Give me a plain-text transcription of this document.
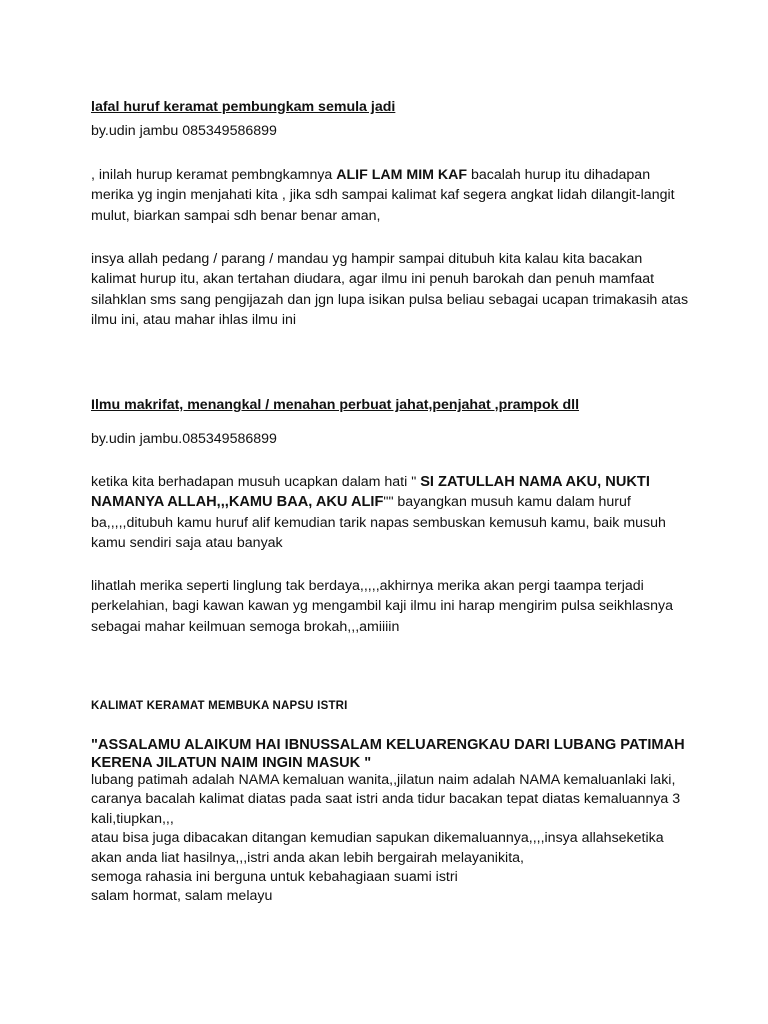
lafal huruf keramat pembungkam semula jadi
by.udin jambu 085349586899

, inilah hurup keramat pembngkamnya ALIF LAM MIM KAF bacalah hurup itu dihadapan merika yg ingin menjahati kita , jika sdh sampai kalimat kaf segera angkat lidah dilangit-langit mulut, biarkan sampai sdh benar benar aman,

insya allah pedang / parang / mandau yg hampir sampai ditubuh kita kalau kita bacakan kalimat hurup itu, akan tertahan diudara, agar ilmu ini penuh barokah dan penuh mamfaat silahklan sms sang pengijazah dan jgn lupa isikan pulsa beliau sebagai ucapan trimakasih atas ilmu ini, atau mahar ihlas ilmu ini

Ilmu makrifat, menangkal / menahan perbuat jahat,penjahat ,prampok dll
by.udin jambu.085349586899

ketika kita berhadapan musuh ucapkan dalam hati " SI ZATULLAH NAMA AKU, NUKTI NAMANYA ALLAH,,,KAMU BAA, AKU ALIF"" bayangkan musuh kamu dalam huruf ba,,,,,ditubuh kamu huruf alif kemudian tarik napas sembuskan kemusuh kamu, baik musuh kamu sendiri saja atau banyak

lihatlah merika seperti linglung tak berdaya,,,,,akhirnya merika akan pergi taampa terjadi perkelahian, bagi kawan kawan yg mengambil kaji ilmu ini harap mengirim pulsa seikhlasnya sebagai mahar keilmuan semoga brokah,,,amiiiin

KALIMAT KERAMAT MEMBUKA NAPSU ISTRI
"ASSALAMU ALAIKUM HAI IBNUSSALAM KELUARENGKAU DARI LUBANG PATIMAH KERENA JILATUN NAIM INGIN MASUK "

lubang patimah adalah NAMA kemaluan wanita,,jilatun naim adalah NAMA kemaluanlaki laki,

caranya bacalah kalimat diatas pada saat istri anda tidur bacakan tepat diatas kemaluannya 3 kali,tiupkan,,,

atau bisa juga dibacakan ditangan kemudian sapukan dikemaluannya,,,,insya allahseketika akan anda liat hasilnya,,,istri anda akan lebih bergairah melayanikita,

semoga rahasia ini berguna untuk kebahagiaan suami istri

salam hormat, salam melayu
